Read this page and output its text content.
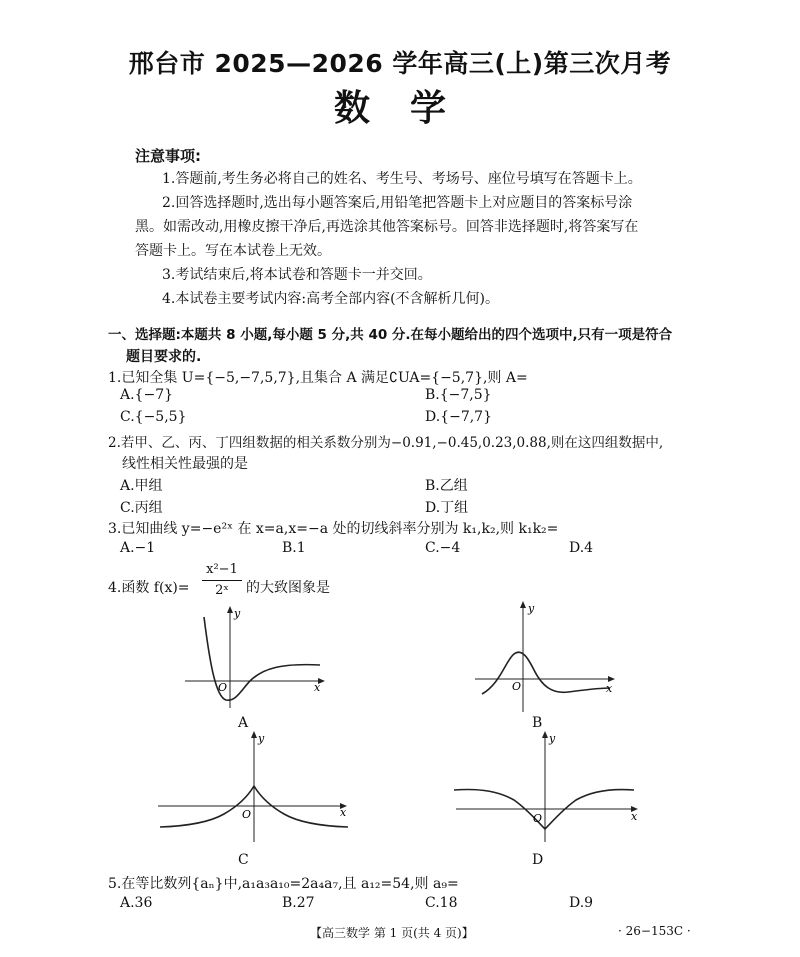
邢台市 2025—2026 学年高三(上)第三次月考
数学
注意事项:
1.答题前,考生务必将自己的姓名、考生号、考场号、座位号填写在答题卡上。
2.回答选择题时,选出每小题答案后,用铅笔把答题卡上对应题目的答案标号涂
黑。如需改动,用橡皮擦干净后,再选涂其他答案标号。回答非选择题时,将答案写在
答题卡上。写在本试卷上无效。
3.考试结束后,将本试卷和答题卡一并交回。
4.本试卷主要考试内容:高考全部内容(不含解析几何)。
一、选择题:本题共 8 小题,每小题 5 分,共 40 分.在每小题给出的四个选项中,只有一项是符合
题目要求的.
1.已知全集 U={−5,−7,5,7},且集合 A 满足∁UA={−5,7},则 A=
A.{−7}	B.{−7,5}
C.{−5,5}	D.{−7,7}
2.若甲、乙、丙、丁四组数据的相关系数分别为−0.91,−0.45,0.23,0.88,则在这四组数据中,
线性相关性最强的是
A.甲组	B.乙组
C.丙组	D.丁组
3.已知曲线 y=−e²ˣ 在 x=a,x=−a 处的切线斜率分别为 k₁,k₂,则 k₁k₂=
A.−1	B.1	C.−4	D.4
4.函数 f(x)=
x²−1
2ˣ	的大致图象是
y
x
O
A
y
x
O
B
y
x
O
C
y
x
O
D
5.在等比数列{aₙ}中,a₁a₃a₁₀=2a₄a₇,且 a₁₂=54,则 a₉=
A.36	B.27	C.18	D.9
【高三数学 第 1 页(共 4 页)】	· 26−153C ·
